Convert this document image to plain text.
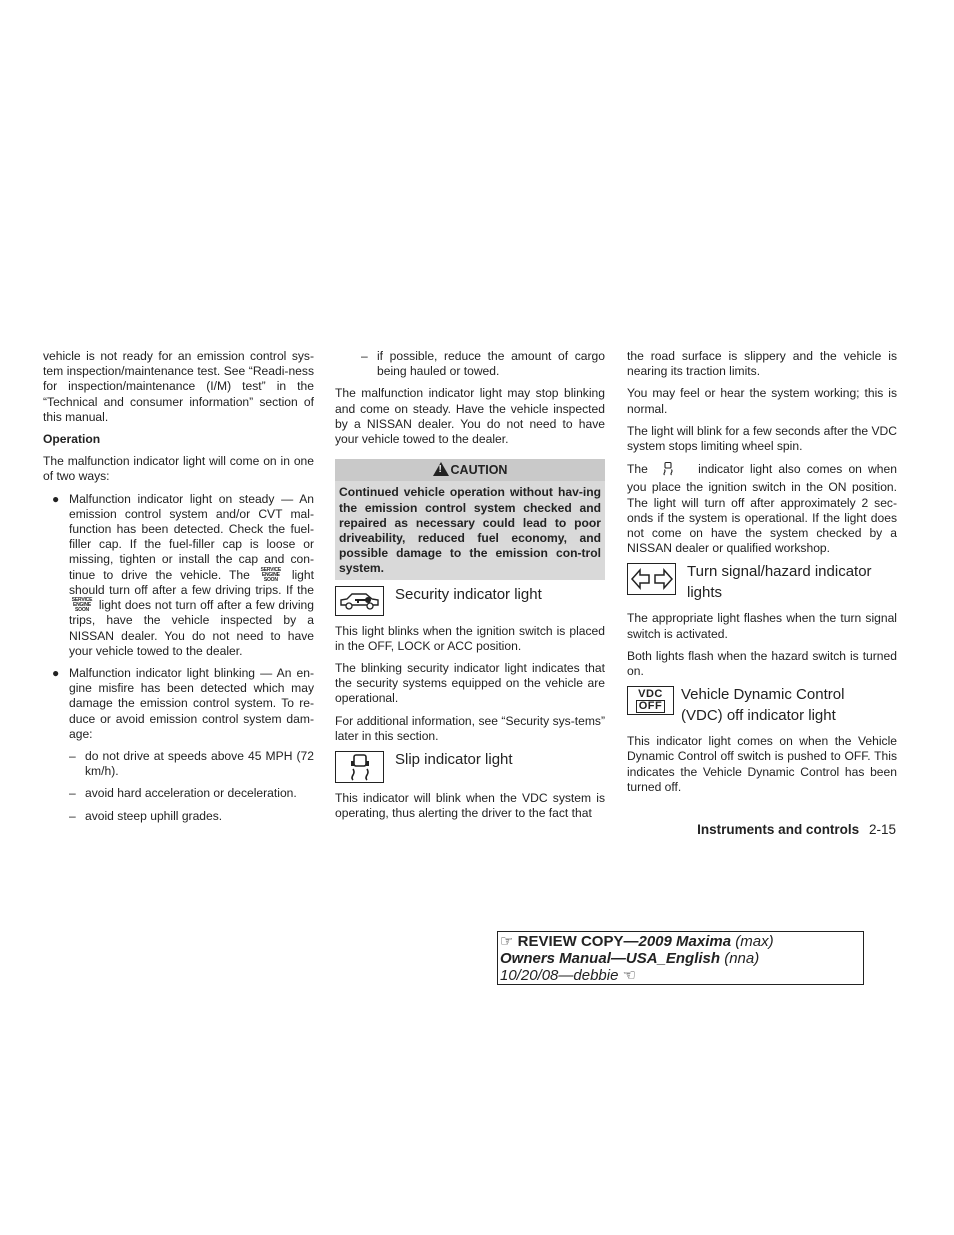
vehicle is not ready for an emission control sys-tem inspection/maintenance test. See “Readi-ness for inspection/maintenance (I/M) test” in the “Technical and consumer information” section of this manual.

Operation

The malfunction indicator light will come on in one of two ways:

● Malfunction indicator light on steady — An emission control system and/or CVT mal-function has been detected. Check the fuel-filler cap. If the fuel-filler cap is loose or missing, tighten or install the cap and con-tinue to drive the vehicle. The SERVICE
ENGINE
SOON light should turn off after a few driving trips. If the SERVICE
ENGINE
SOON light does not turn off after a few driving trips, have the vehicle inspected by a NISSAN dealer. You do not need to have your vehicle towed to the dealer.
● Malfunction indicator light blinking — An en-gine misfire has been detected which may damage the emission control system. To re-duce or avoid emission control system dam-age:
– do not drive at speeds above 45 MPH (72 km/h).
– avoid hard acceleration or deceleration.
– avoid steep uphill grades.
– if possible, reduce the amount of cargo being hauled or towed.

The malfunction indicator light may stop blinking and come on steady. Have the vehicle inspected by a NISSAN dealer. You do not need to have your vehicle towed to the dealer.

! CAUTION
Continued vehicle operation without hav-ing the emission control system checked and repaired as necessary could lead to poor driveability, reduced fuel economy, and possible damage to the emission con-trol system.
Security indicator light

This light blinks when the ignition switch is placed in the OFF, LOCK or ACC position.

The blinking security indicator light indicates that the security systems equipped on the vehicle are operational.

For additional information, see “Security sys-tems” later in this section.

Slip indicator light

This indicator will blink when the VDC system is operating, thus alerting the driver to the fact that

the road surface is slippery and the vehicle is nearing its traction limits.

You may feel or hear the system working; this is normal.

The light will blink for a few seconds after the VDC system stops limiting wheel spin.

The	indicator light also comes on when you place the ignition switch in the ON position. The light will turn off after approximately 2 sec-onds if the system is operational. If the light does not come on have the system checked by a NISSAN dealer or qualified workshop.

Turn signal/hazard indicator lights

The appropriate light flashes when the turn signal switch is activated.

Both lights flash when the hazard switch is turned on.

VDC
OFF
Vehicle Dynamic Control (VDC) off indicator light

This indicator light comes on when the Vehicle Dynamic Control off switch is pushed to OFF. This indicates the Vehicle Dynamic Control has been turned off.

Instruments and controls 2-15
☞ REVIEW COPY—2009 Maxima (max)
Owners Manual—USA_English (nna)
10/20/08—debbie ☜
